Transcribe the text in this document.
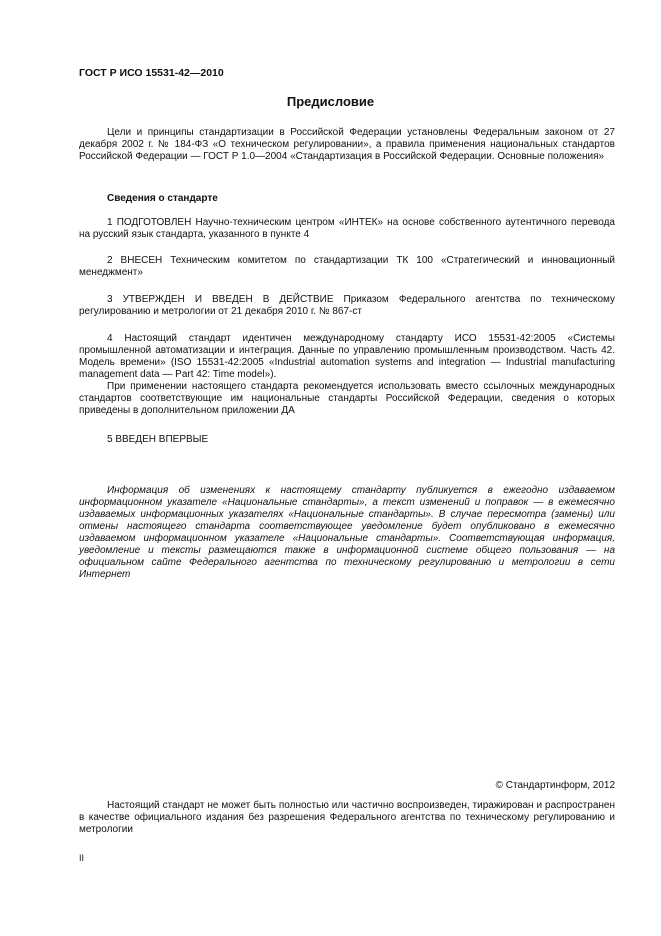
ГОСТ Р ИСО 15531-42—2010
Предисловие

Цели и принципы стандартизации в Российской Федерации установлены Федеральным законом от 27 декабря 2002 г. № 184-ФЗ «О техническом регулировании», а правила применения национальных стандартов Российской Федерации — ГОСТ Р 1.0—2004 «Стандартизация в Российской Федерации. Основные положения»

Сведения о стандарте

1 ПОДГОТОВЛЕН Научно-техническим центром «ИНТЕК» на основе собственного аутентичного перевода на русский язык стандарта, указанного в пункте 4

2 ВНЕСЕН Техническим комитетом по стандартизации ТК 100 «Стратегический и инновационный менеджмент»

3 УТВЕРЖДЕН И ВВЕДЕН В ДЕЙСТВИЕ Приказом Федерального агентства по техническому регулированию и метрологии от 21 декабря 2010 г. № 867-ст

4 Настоящий стандарт идентичен международному стандарту ИСО 15531-42:2005 «Системы промышленной автоматизации и интеграция. Данные по управлению промышленным производством. Часть 42. Модель времени» (ISO 15531-42:2005 «Industrial automation systems and integration — Industrial manufacturing management data — Part 42: Time model»).

При применении настоящего стандарта рекомендуется использовать вместо ссылочных международных стандартов соответствующие им национальные стандарты Российской Федерации, сведения о которых приведены в дополнительном приложении ДА

5 ВВЕДЕН ВПЕРВЫЕ

Информация об изменениях к настоящему стандарту публикуется в ежегодно издаваемом информационном указателе «Национальные стандарты», а текст изменений и поправок — в ежемесячно издаваемых информационных указателях «Национальные стандарты». В случае пересмотра (замены) или отмены настоящего стандарта соответствующее уведомление будет опубликовано в ежемесячно издаваемом информационном указателе «Национальные стандарты». Соответствующая информация, уведомление и тексты размещаются также в информационной системе общего пользования — на официальном сайте Федерального агентства по техническому регулированию и метрологии в сети Интернет

© Стандартинформ, 2012

Настоящий стандарт не может быть полностью или частично воспроизведен, тиражирован и распространен в качестве официального издания без разрешения Федерального агентства по техническому регулированию и метрологии

II
